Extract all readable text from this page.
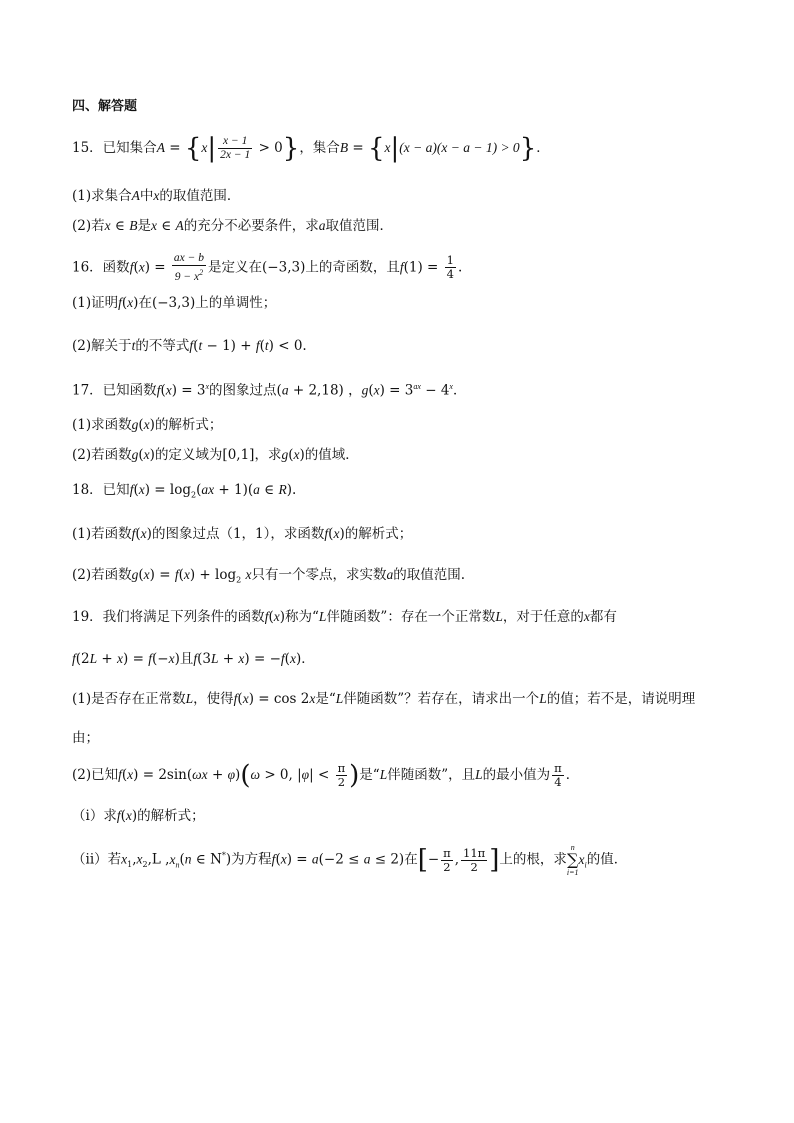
四、解答题
15．已知集合$A = \{x| \frac{x - 1}{2x - 1} > 0\}$，集合B = {x|(x − a)(x − a − 1) > 0}．
(1)求集合A中x的取值范围．
(2)若x ∈ B是x ∈ A的充分不必要条件，求a取值范围．
16．函数$f(x) = \frac{ax - b}{9 - x^2}$ 是定义在(−3,3)上的奇函数，且$f(1) = \frac{1}{4}$ .
(1)证明f(x)在(−3,3)上的单调性；
(2)解关于t的不等式f(t − 1) + f(t) < 0.
17．已知函数$f(x) = 3^x$的图象过点(a + 2,18) ，$g(x) = 3^{ax} - 4^x$．
(1)求函数g(x)的解析式；
(2)若函数g(x)的定义域为[0,1]，求g(x)的值域．
18．已知$f(x) = \log_2(ax + 1)(a$ ∈ R).
(1)若函数f(x)的图象过点（1，1），求函数f(x)的解析式；
(2)若函数$g(x) = f(x) + \log_2 x$只有一个零点，求实数a的取值范围.
19．我们将满足下列条件的函数f(x)称为“L伴随函数”：存在一个正常数L，对于任意的x都有
f(2L + x) = f(−x)且f(3L + x) = −f(x)．
(1)是否存在正常数L，使得f(x) = cos 2x是“L伴随函数”？若存在，请求出一个L的值；若不是，请说明理
由；
(2)已知f(x) = 2sin(ωx + φ)(ω > 0, $|\varphi| < \frac{\pi}{2}$ )是“L伴随函数”，且L的最小值为 $\frac{\pi}{4}$ ．
（i）求f(x)的解析式；
（ii）若$x_1,x_2,L$ $,x_n(n$ ∈ N*)为方程f(x) = a(−2 ≤ a ≤ 2)在[− $\frac{\pi}{2}$ , $\frac{11\pi}{2}$ ]上的根，求
n
∑
i=1
$x_i$的值．
